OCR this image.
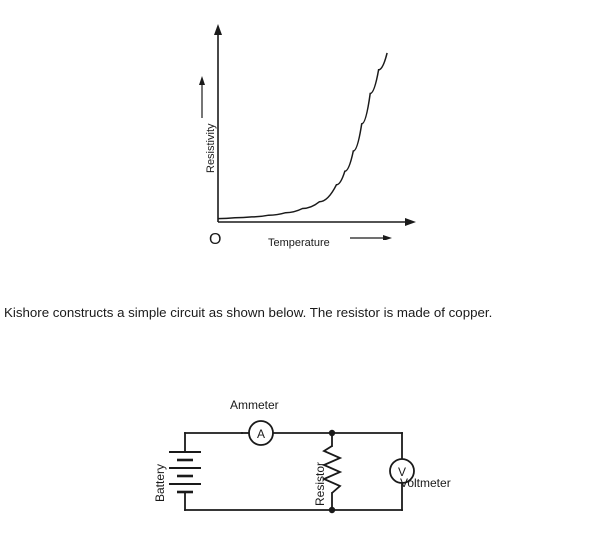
Resistivity
Temperature
O
Kishore constructs a simple circuit as shown below. The resistor is made of copper.
A
V
Ammeter
Voltmeter
Battery	Resistor
